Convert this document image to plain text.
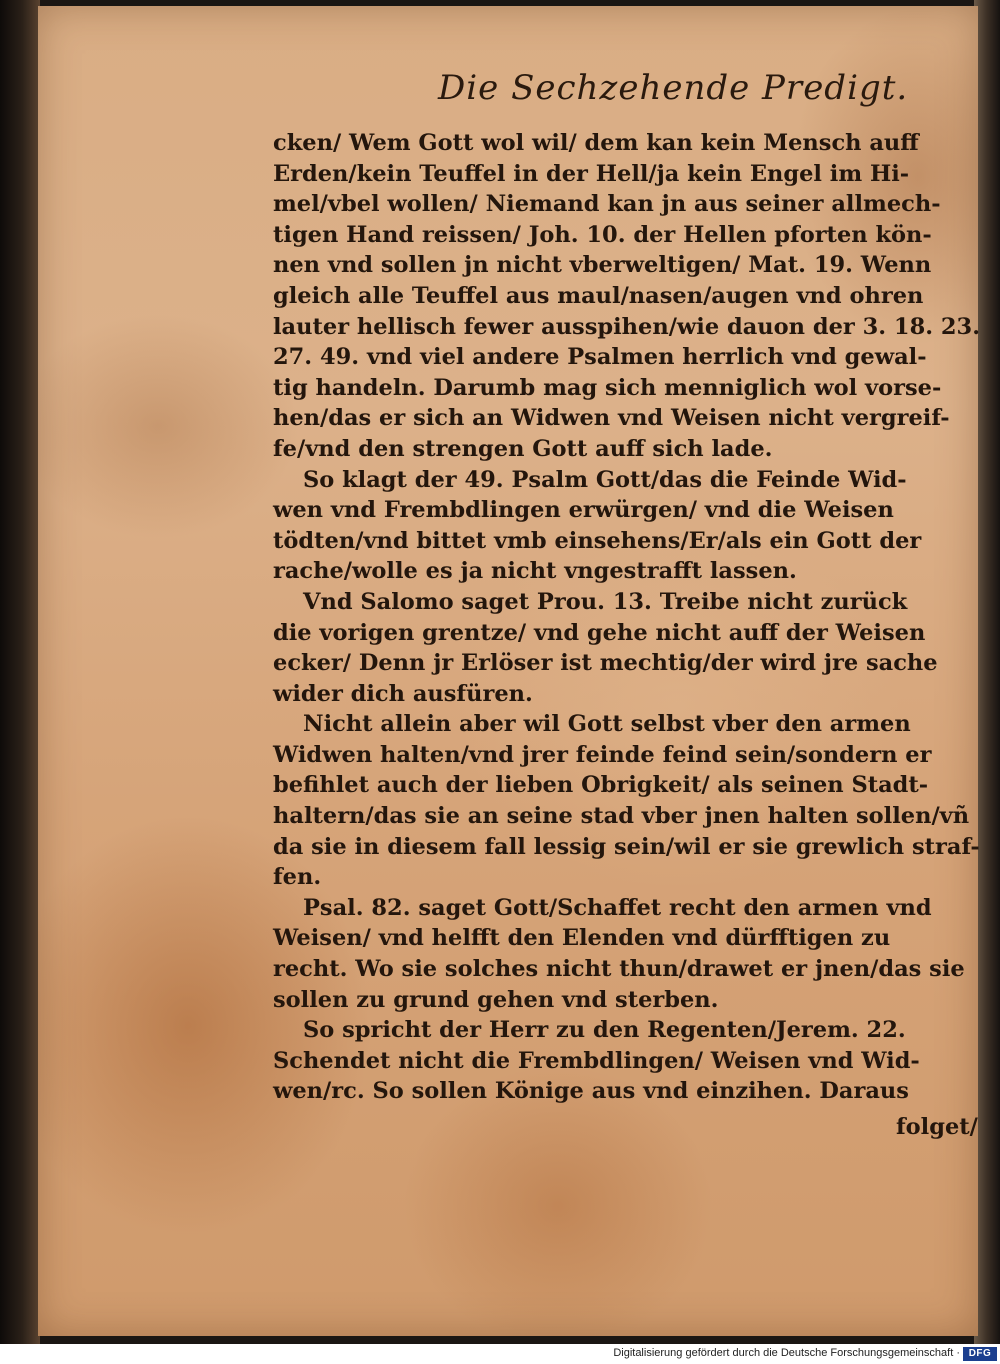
Die Sechzehende Predigt.
cken/ Wem Gott wol wil/ dem kan kein Mensch auff
Erden/kein Teuffel in der Hell/ja kein Engel im Hi-
mel/vbel wollen/ Niemand kan jn aus seiner allmech-
tigen Hand reissen/ Joh. 10. der Hellen pforten kön-
nen vnd sollen jn nicht vberweltigen/ Mat. 19. Wenn
gleich alle Teuffel aus maul/nasen/augen vnd ohren
lauter hellisch fewer ausspihen/wie dauon der 3. 18. 23.
27. 49. vnd viel andere Psalmen herrlich vnd gewal-
tig handeln. Darumb mag sich menniglich wol vorse-
hen/das er sich an Widwen vnd Weisen nicht vergreif-
fe/vnd den strengen Gott auff sich lade.
So klagt der 49. Psalm Gott/das die Feinde Wid-
wen vnd Frembdlingen erwürgen/ vnd die Weisen
tödten/vnd bittet vmb einsehens/Er/als ein Gott der
rache/wolle es ja nicht vngestrafft lassen.
Vnd Salomo saget Prou. 13. Treibe nicht zurück
die vorigen grentze/ vnd gehe nicht auff der Weisen
ecker/ Denn jr Erlöser ist mechtig/der wird jre sache
wider dich ausfüren.
Nicht allein aber wil Gott selbst vber den armen
Widwen halten/vnd jrer feinde feind sein/sondern er
befihlet auch der lieben Obrigkeit/ als seinen Stadt-
haltern/das sie an seine stad vber jnen halten sollen/vñ
da sie in diesem fall lessig sein/wil er sie grewlich straf-
fen.
Psal. 82. saget Gott/Schaffet recht den armen vnd
Weisen/ vnd helfft den Elenden vnd dürfftigen zu
recht. Wo sie solches nicht thun/drawet er jnen/das sie
sollen zu grund gehen vnd sterben.
So spricht der Herr zu den Regenten/Jerem. 22.
Schendet nicht die Frembdlingen/ Weisen vnd Wid-
wen/rc. So sollen Könige aus vnd einzihen. Daraus
folget/
Digitalisierung gefördert durch die Deutsche Forschungsgemeinschaft · DFG
